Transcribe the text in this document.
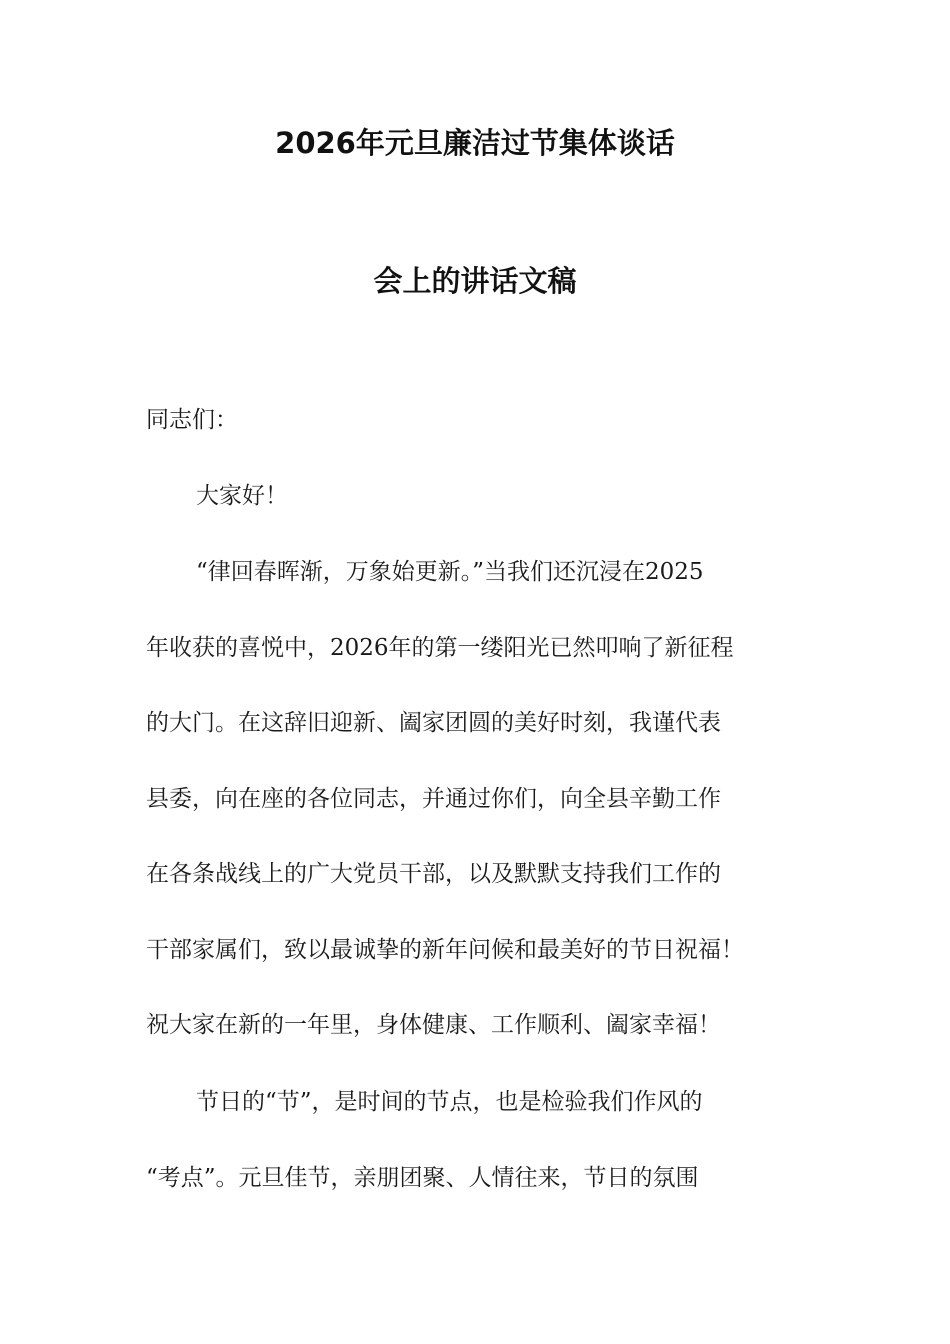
2026年元旦廉洁过节集体谈话
会上的讲话文稿
同志们：
大家好！
“律回春晖渐，万象始更新。”当我们还沉浸在2025
年收获的喜悦中，2026年的第一缕阳光已然叩响了新征程
的大门。在这辞旧迎新、阖家团圆的美好时刻，我谨代表
县委，向在座的各位同志，并通过你们，向全县辛勤工作
在各条战线上的广大党员干部，以及默默支持我们工作的
干部家属们，致以最诚挚的新年问候和最美好的节日祝福！
祝大家在新的一年里，身体健康、工作顺利、阖家幸福！
节日的“节”，是时间的节点，也是检验我们作风的
“考点”。元旦佳节，亲朋团聚、人情往来，节日的氛围
